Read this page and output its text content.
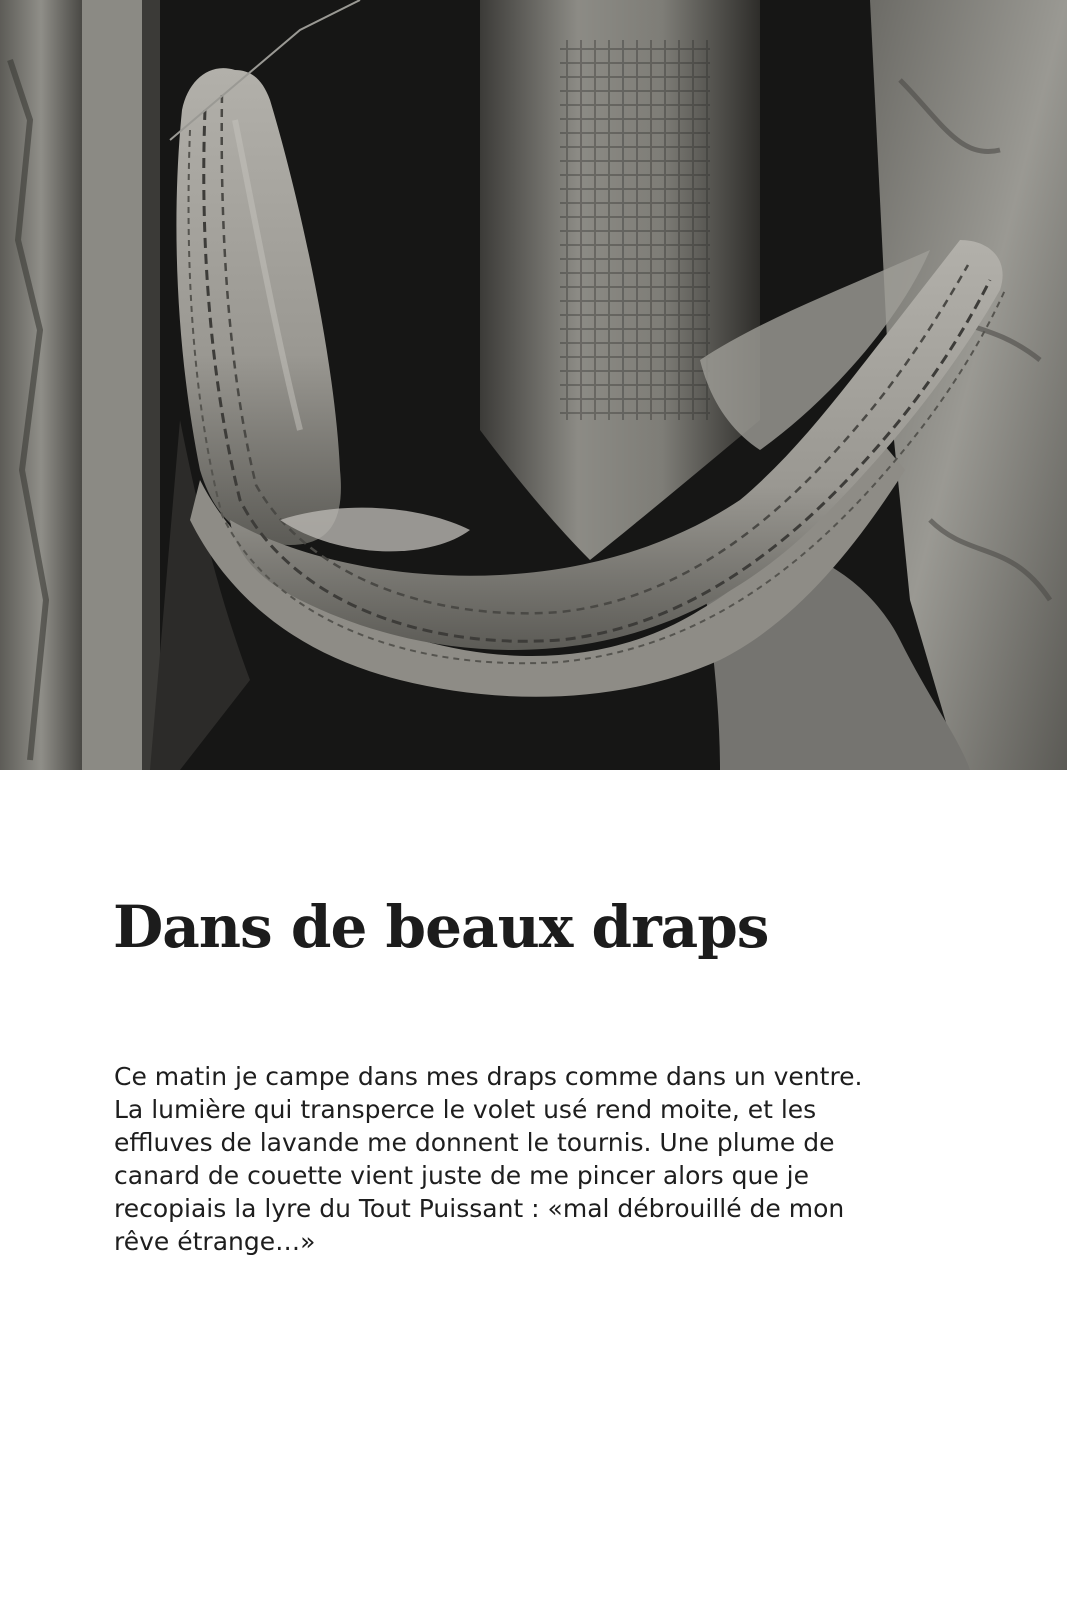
Dans de beaux draps

Ce matin je campe dans mes draps comme dans un ventre.
La lumière qui transperce le volet usé rend moite, et les
effluves de lavande me donnent le tournis. Une plume de
canard de couette vient juste de me pincer alors que je
recopiais la lyre du Tout Puissant : «mal débrouillé de mon
rêve étrange…»
